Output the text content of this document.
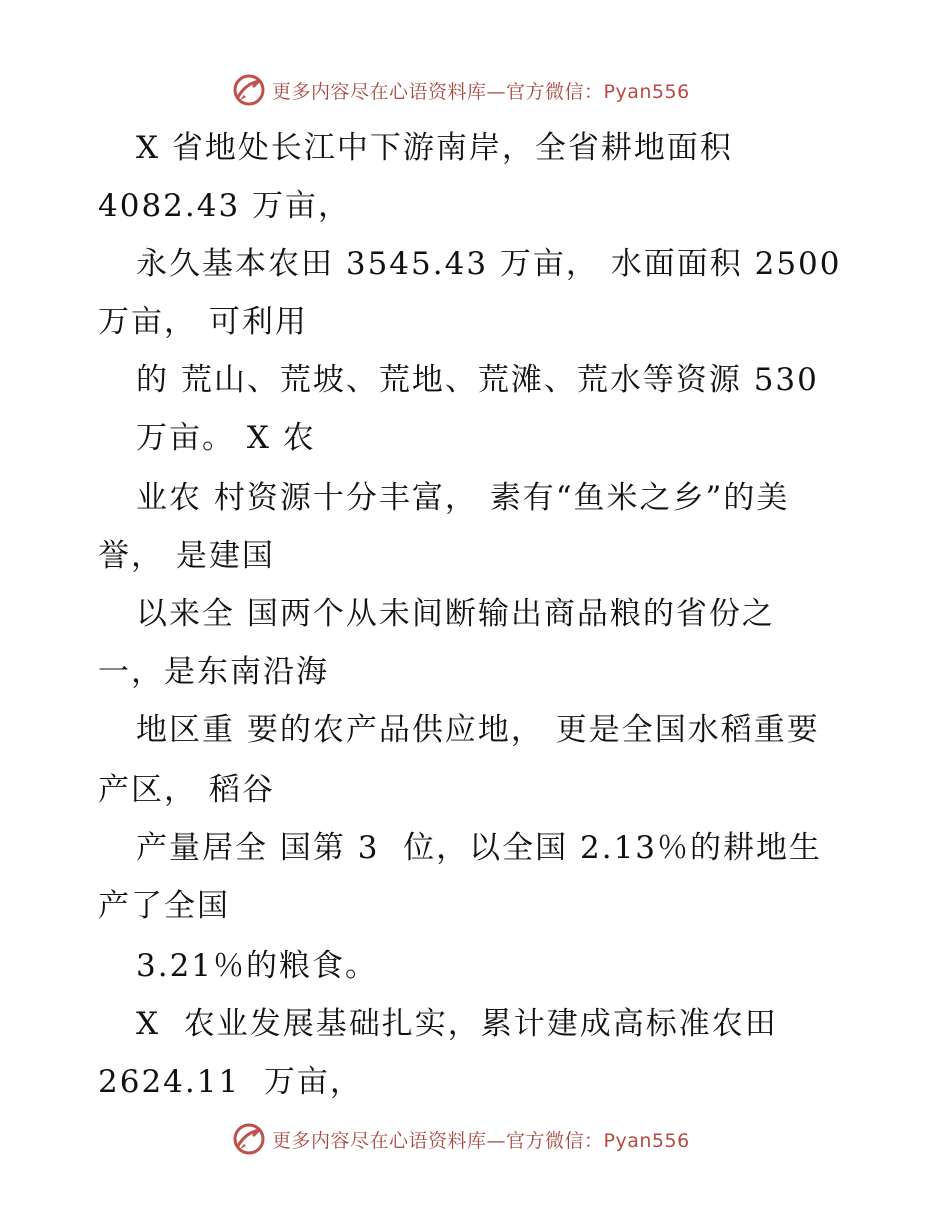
更多内容尽在心语资料库—官方微信：Pyan556
X 省地处长江中下游南岸，全省耕地面积
4082.43 万亩，
永久基本农田 3545.43 万亩， 水面面积 2500
万亩， 可利用
的 荒山、荒坡、荒地、荒滩、荒水等资源 530
万亩。 X 农
业农 村资源十分丰富， 素有“鱼米之乡”的美
誉， 是建国
以来全 国两个从未间断输出商品粮的省份之
一，是东南沿海
地区重 要的农产品供应地， 更是全国水稻重要
产区， 稻谷
产量居全 国第 3  位，以全国 2.13％的耕地生
产了全国
3.21％的粮食。
X  农业发展基础扎实，累计建成高标准农田
2624.11  万亩，
更多内容尽在心语资料库—官方微信：Pyan556
